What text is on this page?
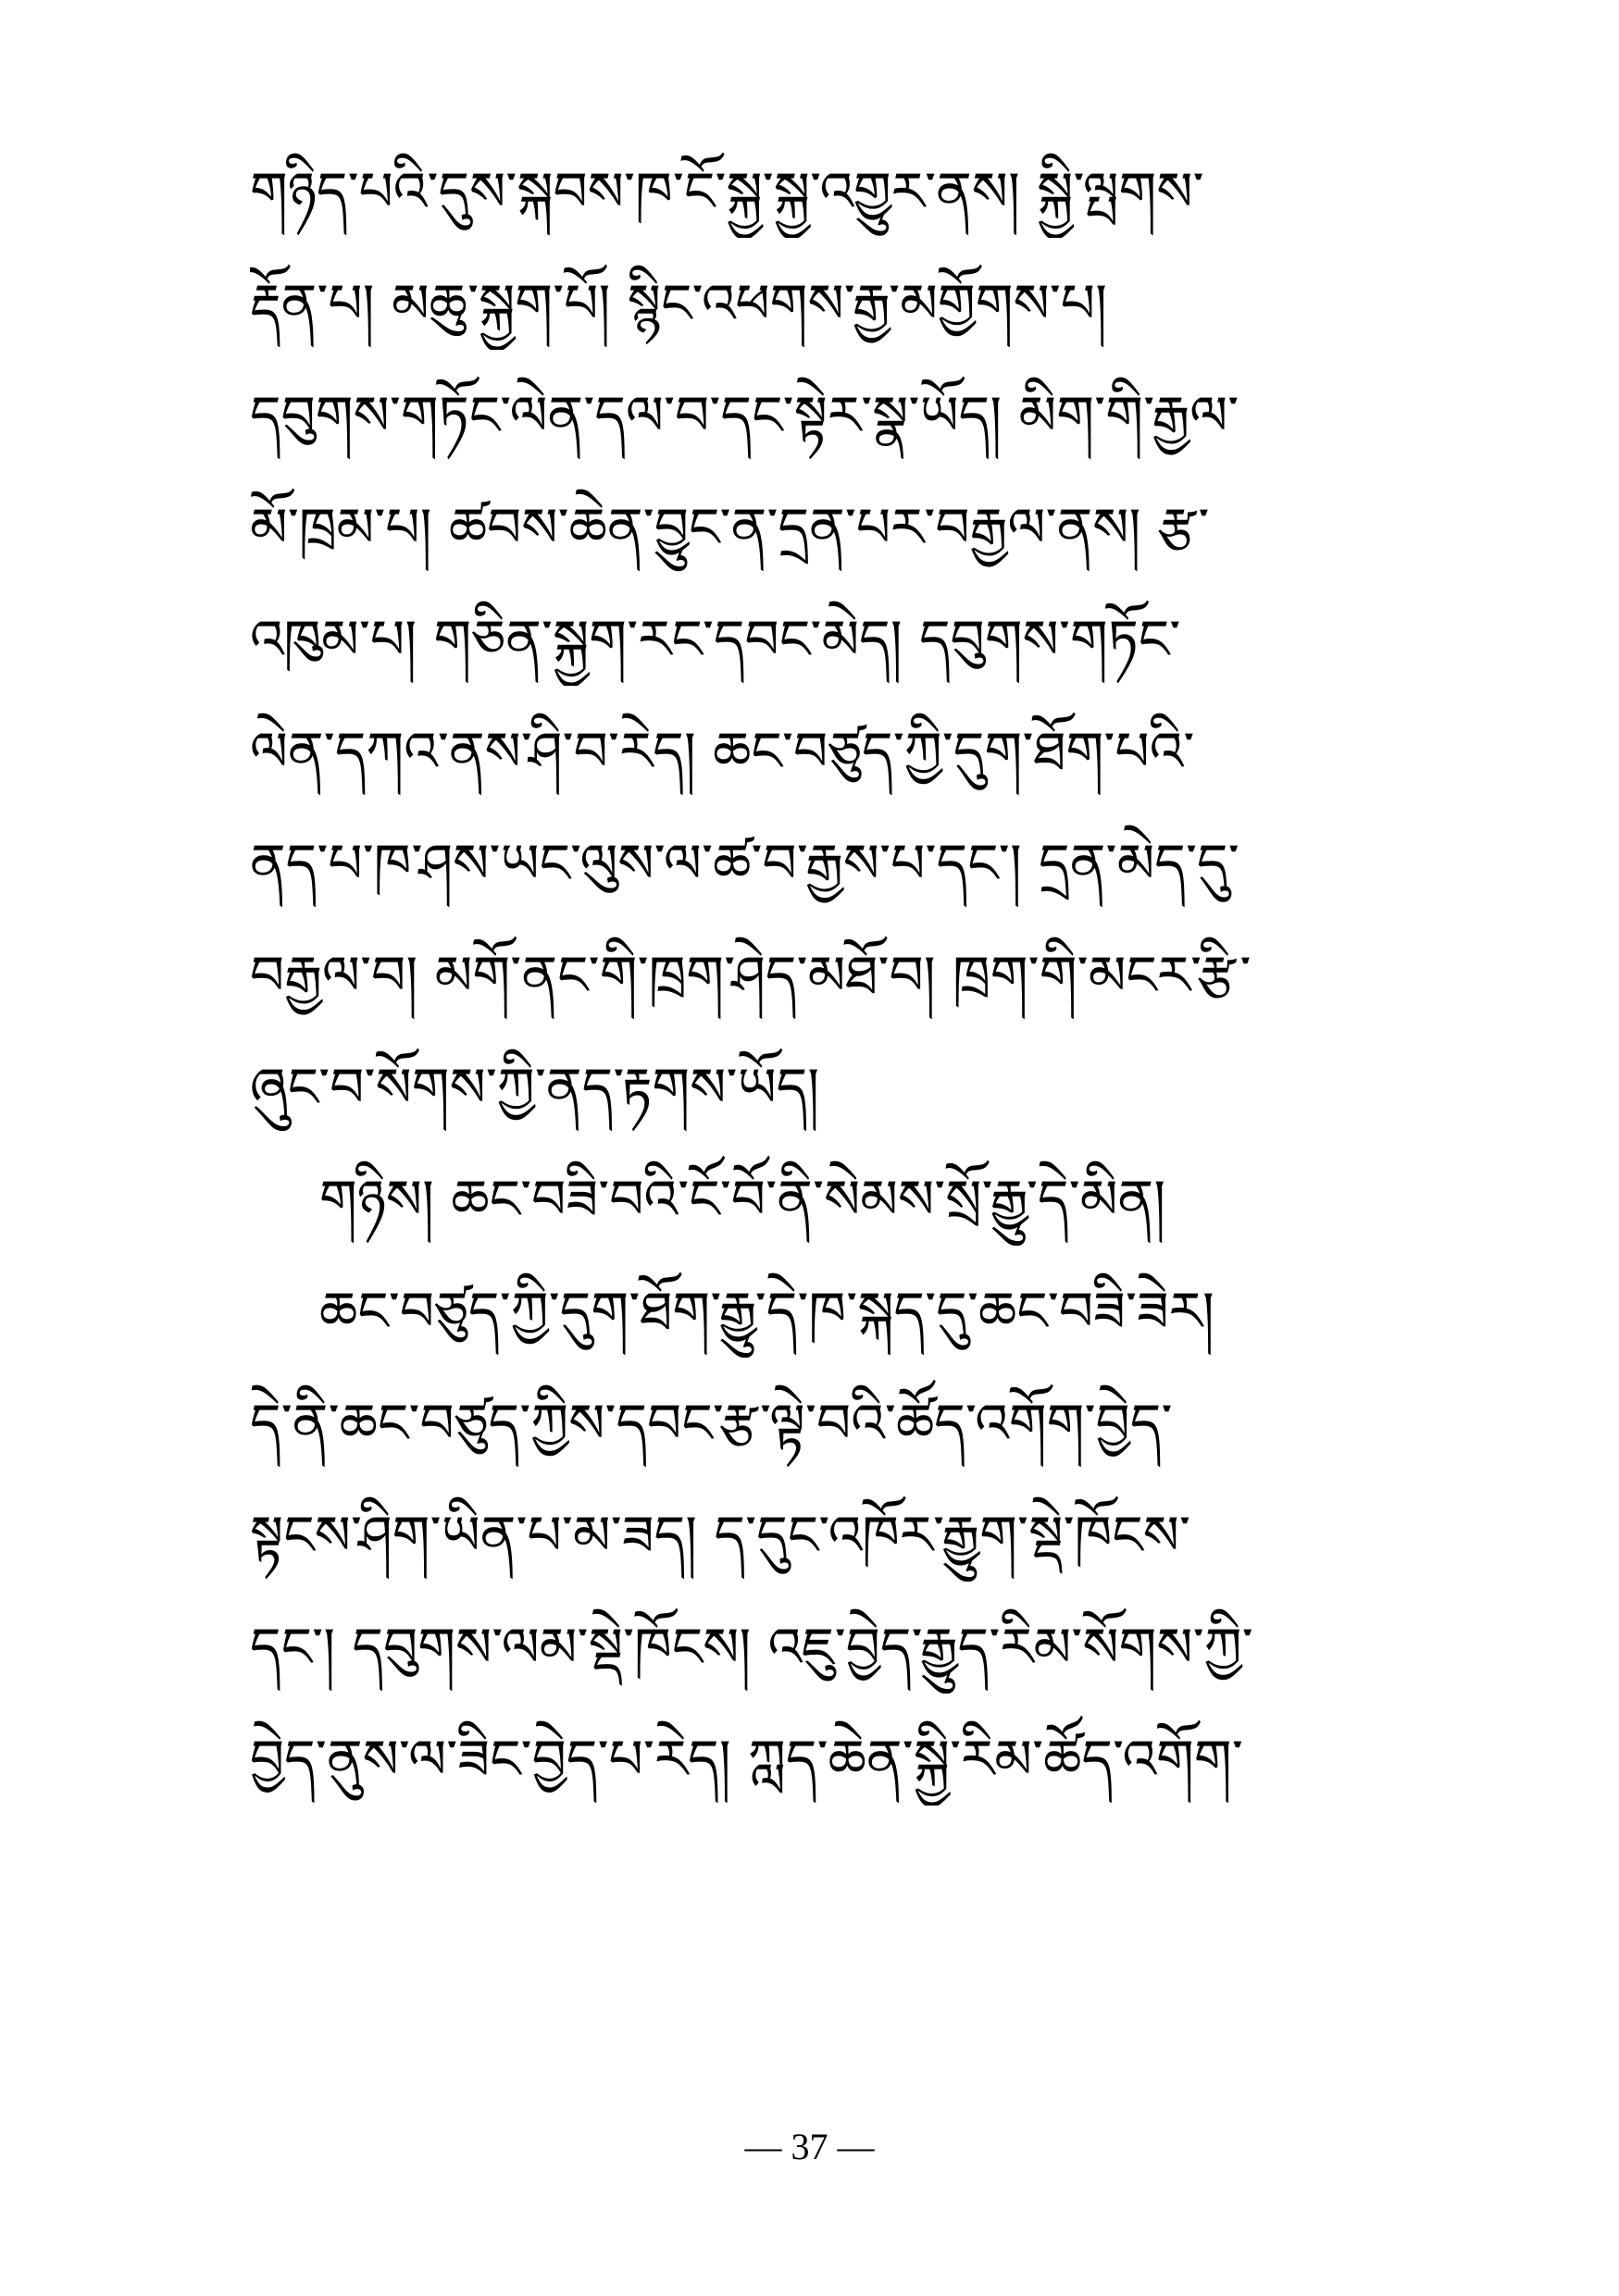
གཉིད་པའི་དུས་སྐབས་ཁ་ངོ་སྐྱ་སྐྱ་འགྱུར་ནས། སྐྱི་ལྤགས་
རྡོན་པ། མཆུ་སྐྱག་པོ། སྙིང་འཕགས་རྒྱ་མགྱོགས་པ།
དབུགས་གཏོང་ལེན་དལ་བ་དང་སྟེར་སྣ་ཡོད། མིག་གི་རྒྱལ་
མོ་ཁྲམ་པ། ཚབས་ཆེན་བྱུང་ན་དྲན་པར་བརྒྱལ་ནས། རྩ་
འཁུམ་པ། གཅིན་སྐྱག་རང་དབང་མེད། དབུགས་གཏོང་
ལེན་དཀའ་ནས་ཤི་བ་རེད། ཆང་བཙུད་ཀྱི་དུག་ཐོག་པའི་
ནད་པ་ཁ་ཤས་ཡང་ལུས་ལ་ཚ་བ་རྒྱས་པ་དང་། དྲན་མེད་དུ་
བརྒྱལ་བ། མགོ་ནང་གི་ཁྲག་ཤེད་མཐོ་བ། ཁྲག་གི་མངར་རྩི་
ཞུང་བ་སོགས་ཀྱི་ནད་རྟགས་ཡོད།
གཉིས། ཆང་བཟི་བའི་ངོ་བོ་ནི་སེམས་སྲོ་རྒྱུ་དེ་མིན།
ཆང་བཙུད་ཀྱི་དུག་ཐོག་རྒྱུ་དེ་ཁ་སྐད་དུ་ཆང་བཟི་ཟེར།
དེ་ནི་ཆང་བཙུད་ཀྱིས་དབང་རྩ་ལྟེ་བའི་ཚོད་འགོག་བྱེད་
སྟངས་ཤིག་ཡིན་པ་མ་ཟད། ད་དུང་འཁོར་རྒྱུག་སྡེ་ཁོངས་
དང་། དབུགས་ལམ་སྡེ་ཁོངས། འཇུ་བྱེད་རྒྱུད་རིམ་སོགས་ཀྱི་
བྱེད་ནུས་ལ་ཟིང་བྱེད་པ་རེད། ཀླད་ཆེན་སྐྱི་རིམ་ཚོད་འགོག་
— 37 —
